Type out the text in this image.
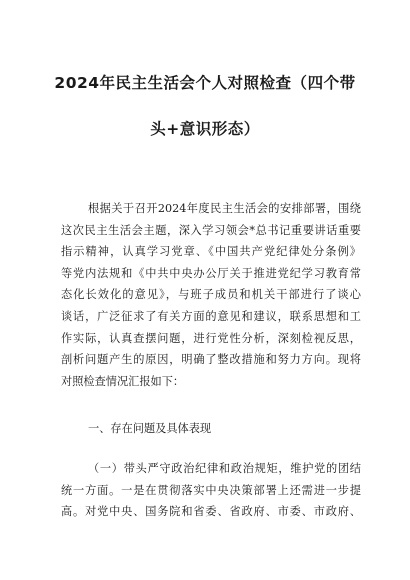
2024年民主生活会个人对照检查（四个带
头+意识形态）
根据关于召开2024年度民主生活会的安排部署，围绕
这次民主生活会主题，深入学习领会*总书记重要讲话重要
指示精神，认真学习党章、《中国共产党纪律处分条例》
等党内法规和《中共中央办公厅关于推进党纪学习教育常
态化长效化的意见》，与班子成员和机关干部进行了谈心
谈话，广泛征求了有关方面的意见和建议，联系思想和工
作实际，认真查摆问题，进行党性分析，深刻检视反思，
剖析问题产生的原因，明确了整改措施和努力方向。现将
对照检查情况汇报如下：
一、存在问题及具体表现
（一）带头严守政治纪律和政治规矩，维护党的团结
统一方面。一是在贯彻落实中央决策部署上还需进一步提
高。对党中央、国务院和省委、省政府、市委、市政府、
